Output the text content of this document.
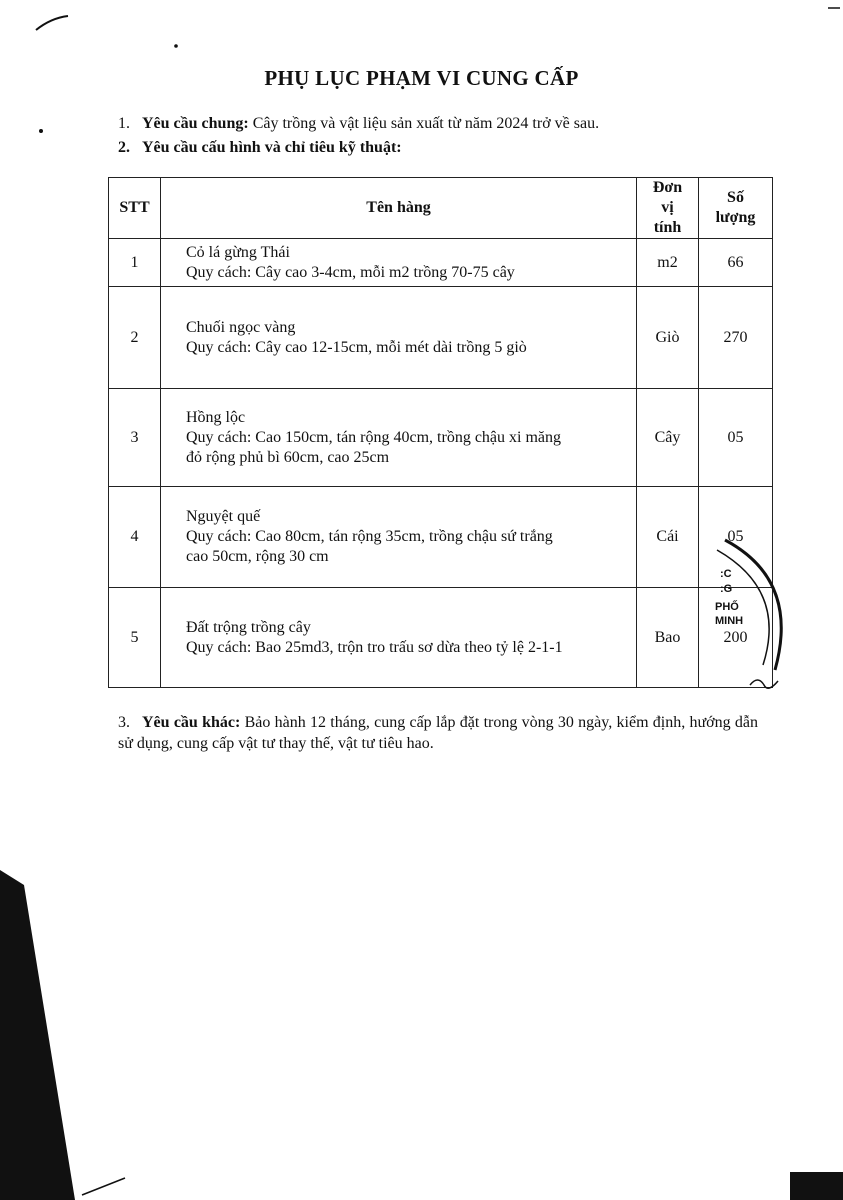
PHỤ LỤC PHẠM VI CUNG CẤP
1. Yêu cầu chung: Cây trồng và vật liệu sản xuất từ năm 2024 trở về sau.
2. Yêu cầu cấu hình và chỉ tiêu kỹ thuật:
STT	Tên hàng	Đơn
vị
tính	Số
lượng
1	Cỏ lá gừng Thái
Quy cách: Cây cao 3-4cm, mỗi m2 trồng 70-75 cây	m2	66
2	Chuối ngọc vàng
Quy cách: Cây cao 12-15cm, mỗi mét dài trồng 5 giò	Giò	270
3	Hồng lộc
Quy cách: Cao 150cm, tán rộng 40cm, trồng chậu xi măng
đỏ rộng phủ bì 60cm, cao 25cm	Cây	05
4	Nguyệt quế
Quy cách: Cao 80cm, tán rộng 35cm, trồng chậu sứ trắng
cao 50cm, rộng 30 cm	Cái	05
5	Đất trộng trồng cây
Quy cách: Bao 25md3, trộn tro trấu sơ dừa theo tỷ lệ 2-1-1	Bao	200
3. Yêu cầu khác: Bảo hành 12 tháng, cung cấp lắp đặt trong vòng 30 ngày, kiểm định, hướng dẫn sử dụng, cung cấp vật tư thay thế, vật tư tiêu hao.
:C
:G
PHỐ
MINH
